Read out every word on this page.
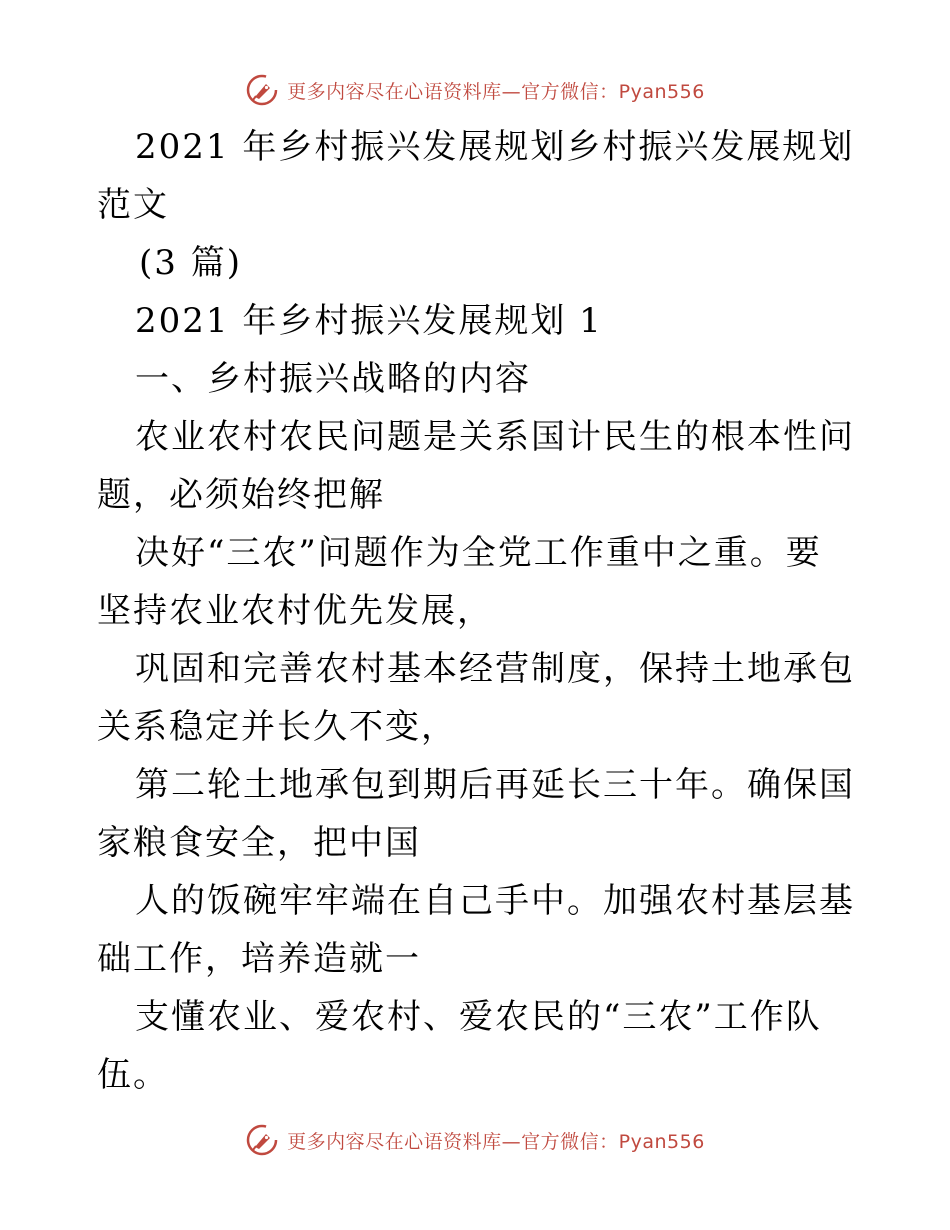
更多内容尽在心语资料库—官方微信：Pyan556

2021 年乡村振兴发展规划乡村振兴发展规划范文

(3 篇)

2021 年乡村振兴发展规划 1

一、乡村振兴战略的内容

农业农村农民问题是关系国计民生的根本性问题，必须始终把解

决好“三农”问题作为全党工作重中之重。要坚持农业农村优先发展，

巩固和完善农村基本经营制度，保持土地承包关系稳定并长久不变，

第二轮土地承包到期后再延长三十年。确保国家粮食安全，把中国

人的饭碗牢牢端在自己手中。加强农村基层基础工作，培养造就一

支懂农业、爱农村、爱农民的“三农”工作队伍。

更多内容尽在心语资料库—官方微信：Pyan556
